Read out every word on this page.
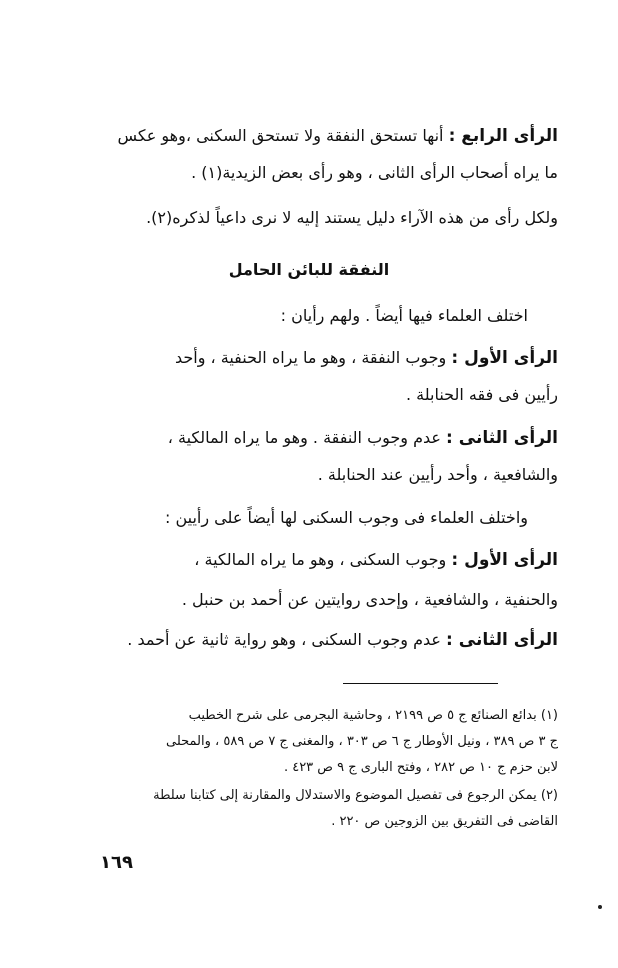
الرأى الرابع : أنها تستحق النفقة ولا تستحق السكنى ،وهو عكس
ما يراه أصحاب الرأى الثانى ، وهو رأى بعض الزيدية(١) .
ولكل رأى من هذه الآراء دليل يستند إليه لا نرى داعياً لذكره(٢).
النفقة للبائن الحامل
اختلف العلماء فيها أيضاً . ولهم رأيان :
الرأى الأول : وجوب النفقة ، وهو ما يراه الحنفية ، وأحد
رأيين فى فقه الحنابلة .
الرأى الثانى : عدم وجوب النفقة . وهو ما يراه المالكية ،
والشافعية ، وأحد رأيين عند الحنابلة .
واختلف العلماء فى وجوب السكنى لها أيضاً على رأيين :
الرأى الأول : وجوب السكنى ، وهو ما يراه المالكية ،
والحنفية ، والشافعية ، وإحدى روايتين عن أحمد بن حنبل .
الرأى الثانى : عدم وجوب السكنى ، وهو رواية ثانية عن أحمد .
(١) بدائع الصنائع ج ٥ ص ٢١٩٩ ، وحاشية البجرمى على شرح الخطيب
ج ٣ ص ٣٨٩ ، ونيل الأوطار ج ٦ ص ٣٠٣ ، والمغنى ج ٧ ص ٥٨٩ ، والمحلى
لابن حزم ج ١٠ ص ٢٨٢ ، وفتح البارى ج ٩ ص ٤٢٣ .
(٢) يمكن الرجوع فى تفصيل الموضوع والاستدلال والمقارنة إلى كتابنا سلطة
القاضى فى التفريق بين الزوجين ص ٢٢٠ .
١٦٩
